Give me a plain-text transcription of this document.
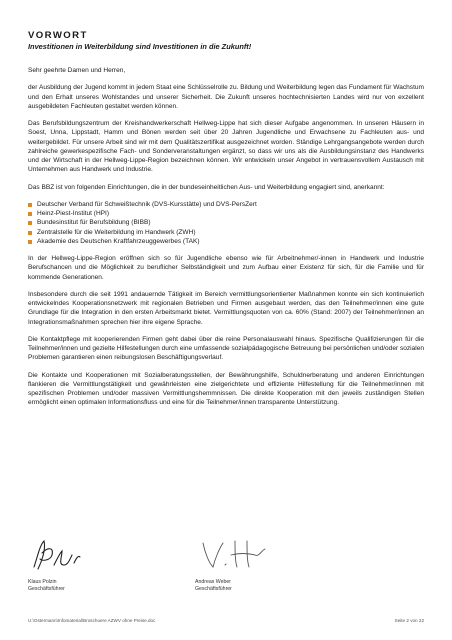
VORWORT

Investitionen in Weiterbildung sind Investitionen in die Zukunft!

Sehr geehrte Damen und Herren,

der Ausbildung der Jugend kommt in jedem Staat eine Schlüsselrolle zu. Bildung und Weiterbildung legen das Fundament für Wachstum und den Erhalt unseres Wohlstandes und unserer Sicherheit. Die Zukunft unseres hochtechnisierten Landes wird nur von exzellent ausgebildeten Fachleuten gestaltet werden können.

Das Berufsbildungszentrum der Kreishandwerkerschaft Hellweg-Lippe hat sich dieser Aufgabe angenommen. In unseren Häusern in Soest, Unna, Lippstadt, Hamm und Bönen werden seit über 20 Jahren Jugendliche und Erwachsene zu Fachleuten aus- und weitergebildet. Für unsere Arbeit sind wir mit dem Qualitätszertifikat ausgezeichnet worden. Ständige Lehrgangsangebote werden durch zahlreiche gewerkespezifische Fach- und Sonderveranstaltungen ergänzt, so dass wir uns als die Ausbildungsinstanz des Handwerks und der Wirtschaft in der Hellweg-Lippe-Region bezeichnen können. Wir entwickeln unser Angebot in vertrauensvollem Austausch mit Unternehmen aus Handwerk und Industrie.

Das BBZ ist von folgenden Einrichtungen, die in der bundeseinheitlichen Aus- und Weiterbildung engagiert sind, anerkannt:

Deutscher Verband für Schweißtechnik (DVS-Kursstätte) und DVS-PersZert
Heinz-Piest-Institut (HPI)
Bundesinstitut für Berufsbildung (BIBB)
Zentralstelle für die Weiterbildung im Handwerk (ZWH)
Akademie des Deutschen Kraftfahrzeuggewerbes (TAK)

In der Hellweg-Lippe-Region eröffnen sich so für Jugendliche ebenso wie für Arbeitnehmer/-innen in Handwerk und Industrie Berufschancen und die Möglichkeit zu beruflicher Selbständigkeit und zum Aufbau einer Existenz für sich, für die Familie und für kommende Generationen.

Insbesondere durch die seit 1991 andauernde Tätigkeit im Bereich vermittlungsorientierter Maßnahmen konnte ein sich kontinuierlich entwickelndes Kooperationsnetzwerk mit regionalen Betrieben und Firmen ausgebaut werden, das den Teilnehmer/innen eine gute Grundlage für die Integration in den ersten Arbeitsmarkt bietet. Vermittlungsquoten von ca. 60% (Stand: 2007) der Teilnehmer/innen an Integrationsmaßnahmen sprechen hier ihre eigene Sprache.

Die Kontaktpflege mit kooperierenden Firmen geht dabei über die reine Personalauswahl hinaus. Spezifische Qualifizierungen für die Teilnehmer/innen und gezielte Hilfestellungen durch eine umfassende sozialpädagogische Betreuung bei persönlichen und/oder sozialen Problemen garantieren einen reibungslosen Beschäftigungsverlauf.

Die Kontakte und Kooperationen mit Sozialberatungsstellen, der Bewährungshilfe, Schuldnerberatung und anderen Einrichtungen flankieren die Vermittlungstätigkeit und gewährleisten eine zielgerichtete und effiziente Hilfestellung für die Teilnehmer/innen mit spezifischen Problemen und/oder massiven Vermittlungshemmnissen. Die direkte Kooperation mit den jeweils zuständigen Stellen ermöglicht einen optimalen Informationsfluss und eine für die Teilnehmer/innen transparente Unterstützung.

Klaus Polzin
Geschäftsführer
Andreas Weber
Geschäftsführer
U:\Ostermann\Infomaterial\Broschuere AZWV ohne Preise.doc	Seite 2 von 22
